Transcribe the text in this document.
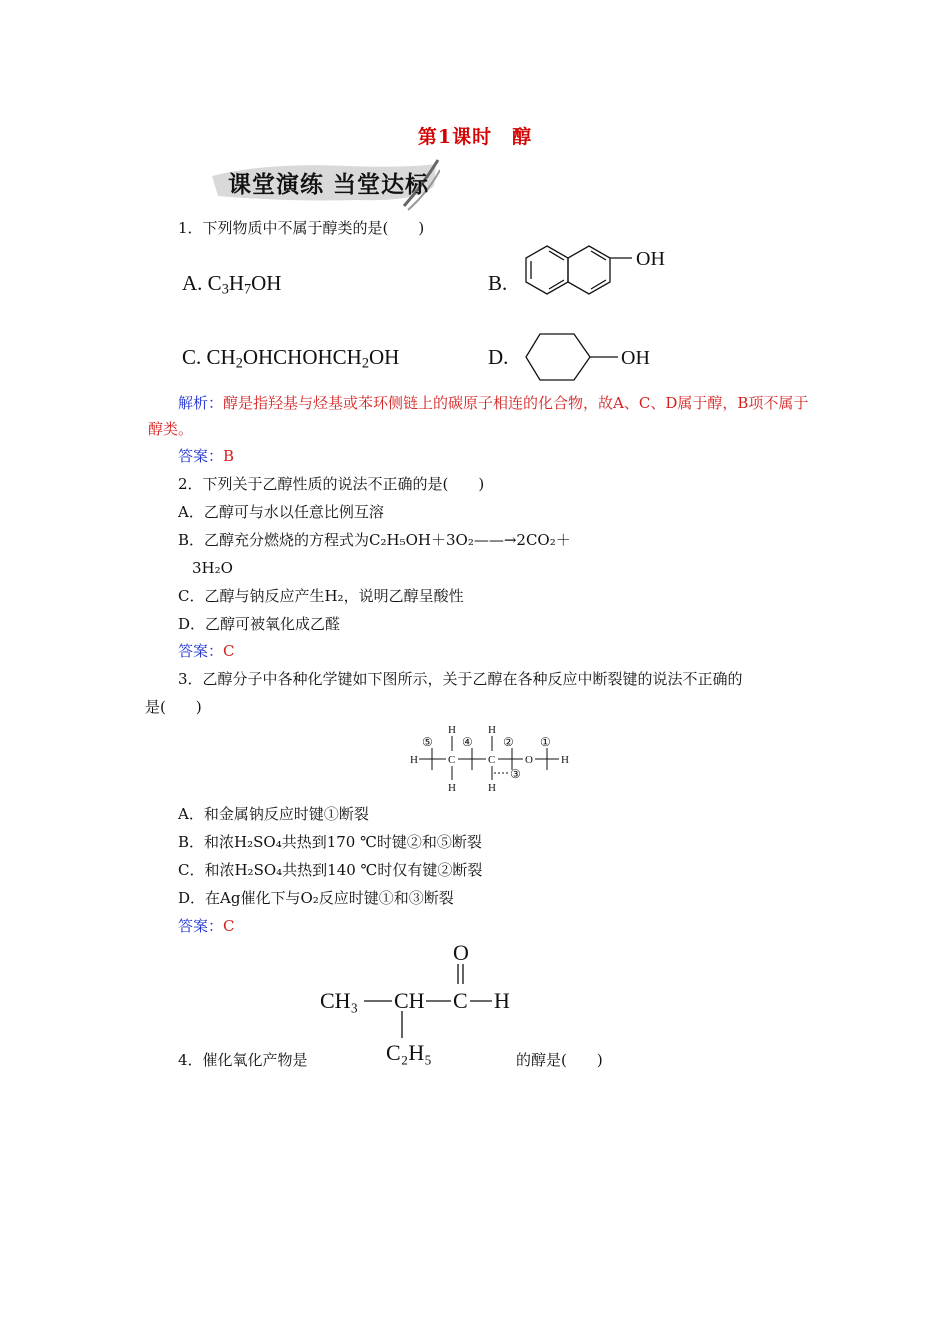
第1课时　醇
课堂演练 当堂达标
1．下列物质中不属于醇类的是(　　)
A. $C_3H_7OH$	B.
OH
C. $CH_2OHCHOHCH_2OH$	D.	OH
解析：醇是指羟基与烃基或苯环侧链上的碳原子相连的化合物，故A、C、D属于醇，B项不属于醇类。
答案：B
2．下列关于乙醇性质的说法不正确的是(　　)
A．乙醇可与水以任意比例互溶
B．乙醇充分燃烧的方程式为C₂H₅OH＋3O₂——→2CO₂＋
3H₂O
C．乙醇与钠反应产生H₂，说明乙醇呈酸性
D．乙醇可被氧化成乙醛
答案：C
3．乙醇分子中各种化学键如下图所示，关于乙醇在各种反应中断裂键的说法不正确的
是(　　)
H	C	C	O	H
H
H
H
H
⑤ ④	② ①
③
A．和金属钠反应时键①断裂
B．和浓H₂SO₄共热到170 ℃时键②和⑤断裂
C．和浓H₂SO₄共热到140 ℃时仅有键②断裂
D．在Ag催化下与O₂反应时键①和③断裂
答案：C
CH₃ CH C H
O
C₂H₅
4．催化氧化产物是	的醇是(　　)
